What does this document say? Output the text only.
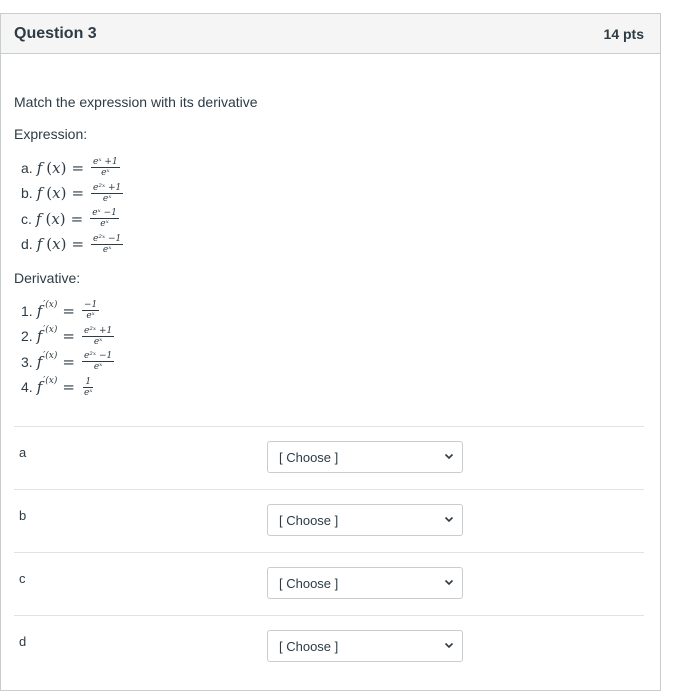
Question 3	14 pts
Match the expression with its derivative
Expression:
a. f ( x ) = $\frac{\text{eˣ +1}}{\text{eˣ}}$
b. f ( x ) = $\frac{\text{e²ˣ +1}}{\text{eˣ}}$
c. f ( x ) = $\frac{\text{eˣ −1}}{\text{eˣ}}$
d. f ( x ) = $\frac{\text{e²ˣ −1}}{\text{eˣ}}$
Derivative:
1. f $'(x) = \frac{-1}{\text{eˣ}}$
2. f $'(x) = \frac{\text{e²ˣ +1}}{\text{eˣ}}$
3. f $'(x) = \frac{\text{e²ˣ −1}}{\text{eˣ}}$
4. f $'(x) = \frac{1}{\text{eˣ}}$
a	[ Choose ]
b	[ Choose ]
c	[ Choose ]
d	[ Choose ]
